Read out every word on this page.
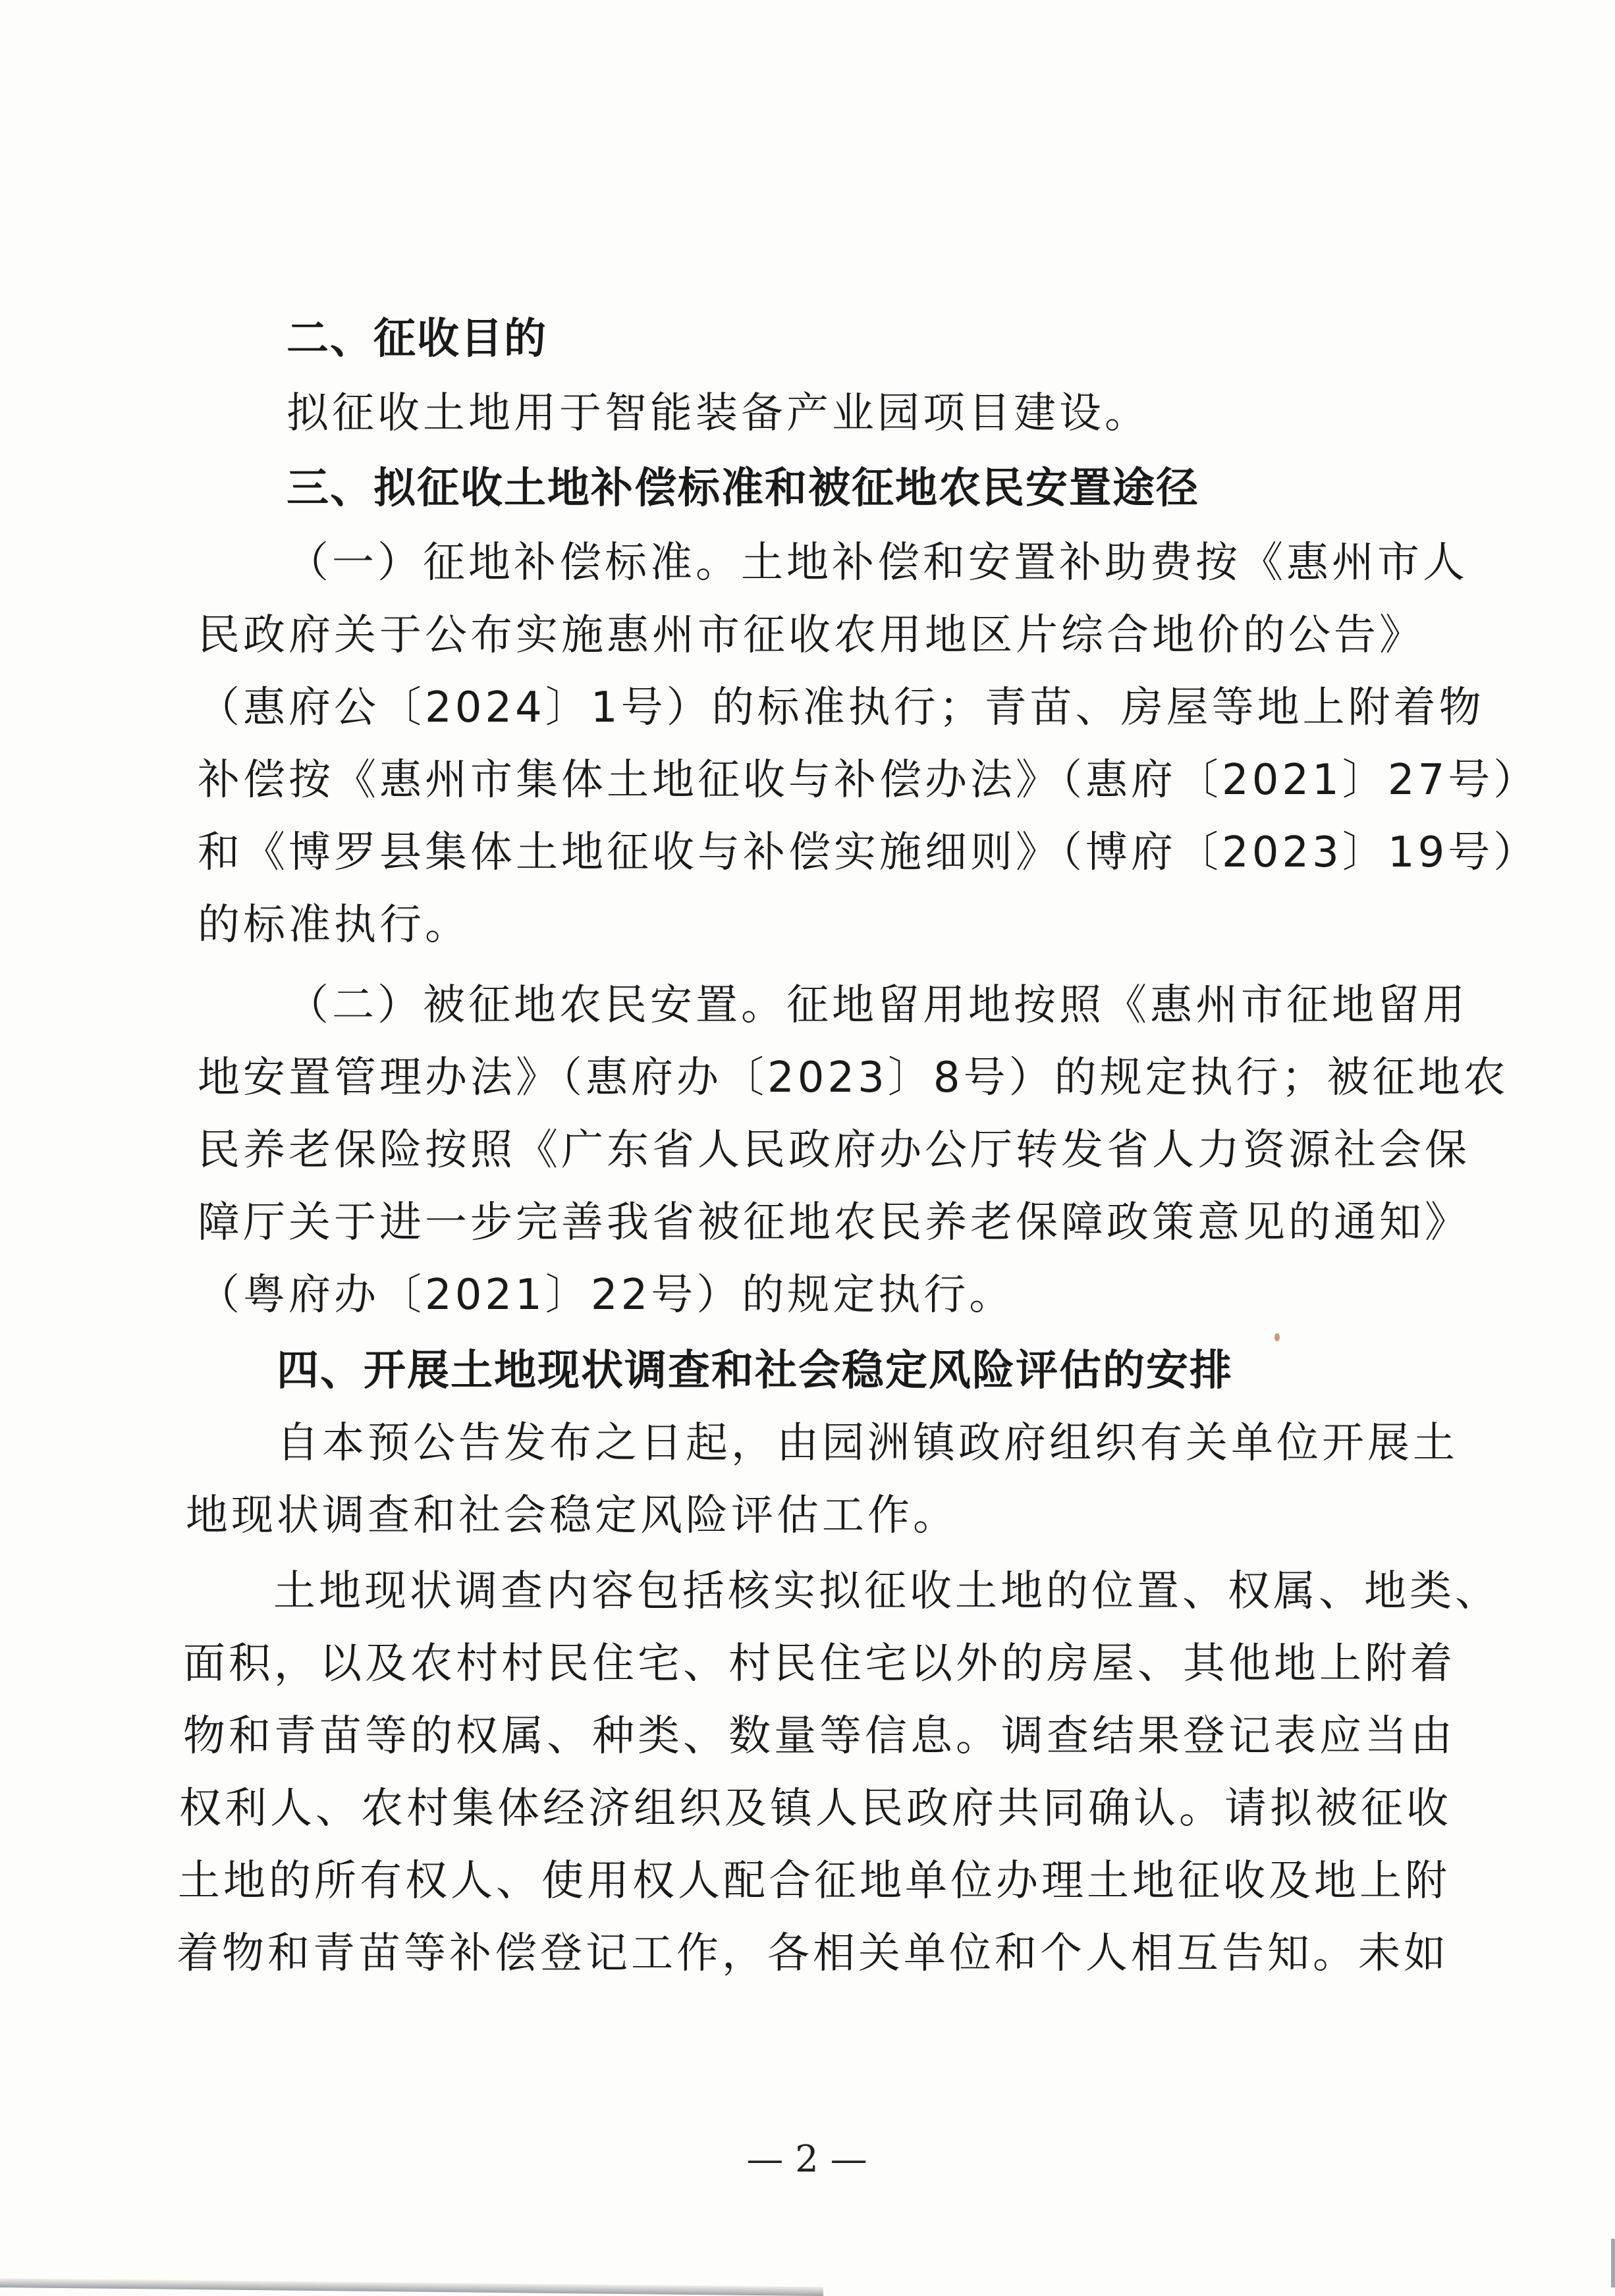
二、征收目的
拟征收土地用于智能装备产业园项目建设。
三、拟征收土地补偿标准和被征地农民安置途径
（一）征地补偿标准。土地补偿和安置补助费按《惠州市人
民政府关于公布实施惠州市征收农用地区片综合地价的公告》
（惠府公〔2024〕1号）的标准执行；青苗、房屋等地上附着物
补偿按《惠州市集体土地征收与补偿办法》（惠府〔2021〕27号）
和《博罗县集体土地征收与补偿实施细则》（博府〔2023〕19号）
的标准执行。
（二）被征地农民安置。征地留用地按照《惠州市征地留用
地安置管理办法》（惠府办〔2023〕8号）的规定执行；被征地农
民养老保险按照《广东省人民政府办公厅转发省人力资源社会保
障厅关于进一步完善我省被征地农民养老保障政策意见的通知》
（粤府办〔2021〕22号）的规定执行。
四、开展土地现状调查和社会稳定风险评估的安排
自本预公告发布之日起，由园洲镇政府组织有关单位开展土
地现状调查和社会稳定风险评估工作。
土地现状调查内容包括核实拟征收土地的位置、权属、地类、
面积，以及农村村民住宅、村民住宅以外的房屋、其他地上附着
物和青苗等的权属、种类、数量等信息。调查结果登记表应当由
权利人、农村集体经济组织及镇人民政府共同确认。请拟被征收
土地的所有权人、使用权人配合征地单位办理土地征收及地上附
着物和青苗等补偿登记工作，各相关单位和个人相互告知。未如
— 2 —
